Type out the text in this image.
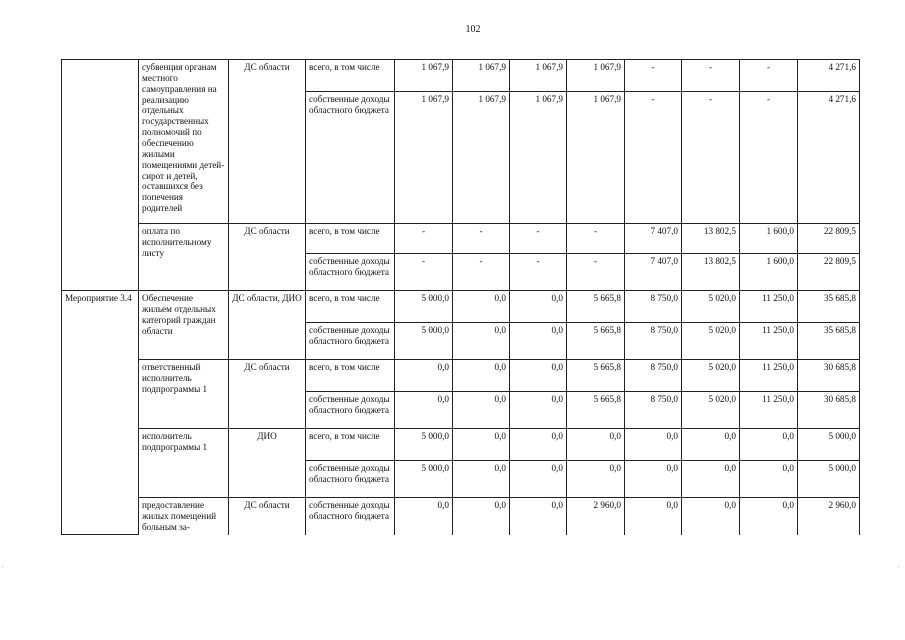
102
'	'
	субвенция органам местного самоуправления на реализацию отдельных государственных полномочий по обеспечению жилыми помещениями детей-сирот и детей, оставшихся без попечения родителей	ДС области	всего, в том числе	1 067,9	1 067,9	1 067,9	1 067,9	-	-	-	4 271,6
			собственные доходы областного бюджета	1 067,9	1 067,9	1 067,9	1 067,9	-	-	-	4 271,6
	оплата по исполнительному листу	ДС области	всего, в том числе	-	-	-	-	7 407,0	13 802,5	1 600,0	22 809,5
			собственные доходы областного бюджета	-	-	-	-	7 407,0	13 802,5	1 600,0	22 809,5
Мероприятие 3.4	Обеспечение жильем отдельных категорий граждан области	ДС области, ДИО	всего, в том числе	5 000,0	0,0	0,0	5 665,8	8 750,0	5 020,0	11 250,0	35 685,8
			собственные доходы областного бюджета	5 000,0	0,0	0,0	5 665,8	8 750,0	5 020,0	11 250,0	35 685,8
	ответственный исполнитель подпрограммы 1	ДС области	всего, в том числе	0,0	0,0	0,0	5 665,8	8 750,0	5 020,0	11 250,0	30 685,8
			собственные доходы областного бюджета	0,0	0,0	0,0	5 665,8	8 750,0	5 020,0	11 250,0	30 685,8
	исполнитель подпрограммы 1	ДИО	всего, в том числе	5 000,0	0,0	0,0	0,0	0,0	0,0	0,0	5 000,0
			собственные доходы областного бюджета	5 000,0	0,0	0,0	0,0	0,0	0,0	0,0	5 000,0
	предоставление жилых помещений больным за-	ДС области	собственные доходы областного бюджета	0,0	0,0	0,0	2 960,0	0,0	0,0	0,0	2 960,0
